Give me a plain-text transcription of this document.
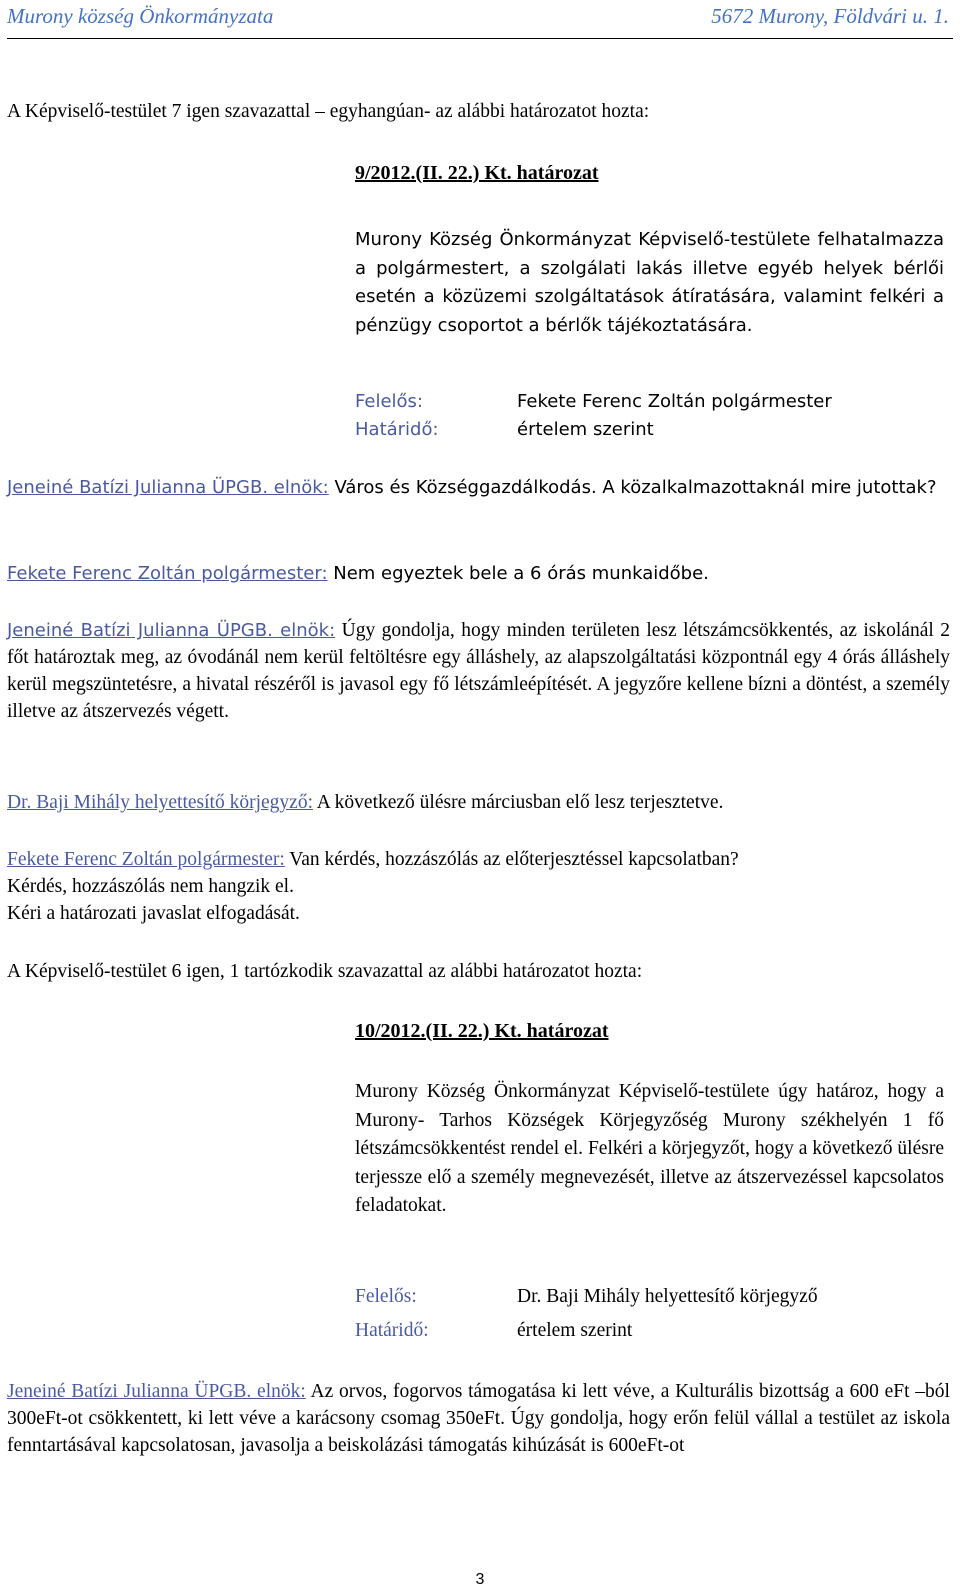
Murony község Önkormányzata	5672 Murony, Földvári u. 1.
A Képviselő-testület 7 igen szavazattal – egyhangúan- az alábbi határozatot hozta:
9/2012.(II. 22.) Kt. határozat
Murony Község Önkormányzat Képviselő-testülete felhatalmazza a polgármestert, a szolgálati lakás illetve egyéb helyek bérlői esetén a közüzemi szolgáltatások átíratására, valamint felkéri a pénzügy csoportot a bérlők tájékoztatására.
Felelős:	Fekete Ferenc Zoltán polgármester
Határidő:	értelem szerint
Jeneiné Batízi Julianna ÜPGB. elnök: Város és Községgazdálkodás. A közalkalmazottaknál mire jutottak?
Fekete Ferenc Zoltán polgármester: Nem egyeztek bele a 6 órás munkaidőbe.
Jeneiné Batízi Julianna ÜPGB. elnök: Úgy gondolja, hogy minden területen lesz létszámcsökkentés, az iskolánál 2 főt határoztak meg, az óvodánál nem kerül feltöltésre egy álláshely, az alapszolgáltatási központnál egy 4 órás álláshely kerül megszüntetésre, a hivatal részéről is javasol egy fő létszámleépítését. A jegyzőre kellene bízni a döntést, a személy illetve az átszervezés végett.
Dr. Baji Mihály helyettesítő körjegyző: A következő ülésre márciusban elő lesz terjesztetve.
Fekete Ferenc Zoltán polgármester: Van kérdés, hozzászólás az előterjesztéssel kapcsolatban?
Kérdés, hozzászólás nem hangzik el.
Kéri a határozati javaslat elfogadását.
A Képviselő-testület 6 igen, 1 tartózkodik szavazattal az alábbi határozatot hozta:
10/2012.(II. 22.) Kt. határozat
Murony Község Önkormányzat Képviselő-testülete úgy határoz, hogy a Murony- Tarhos Községek Körjegyzőség Murony székhelyén 1 fő létszámcsökkentést rendel el. Felkéri a körjegyzőt, hogy a következő ülésre terjessze elő a személy megnevezését, illetve az átszervezéssel kapcsolatos feladatokat.
Felelős:	Dr. Baji Mihály helyettesítő körjegyző
Határidő:	értelem szerint
Jeneiné Batízi Julianna ÜPGB. elnök: Az orvos, fogorvos támogatása ki lett véve, a Kulturális bizottság a 600 eFt –ból 300eFt-ot csökkentett, ki lett véve a karácsony csomag 350eFt. Úgy gondolja, hogy erőn felül vállal a testület az iskola fenntartásával kapcsolatosan, javasolja a beiskolázási támogatás kihúzását is 600eFt-ot
3
